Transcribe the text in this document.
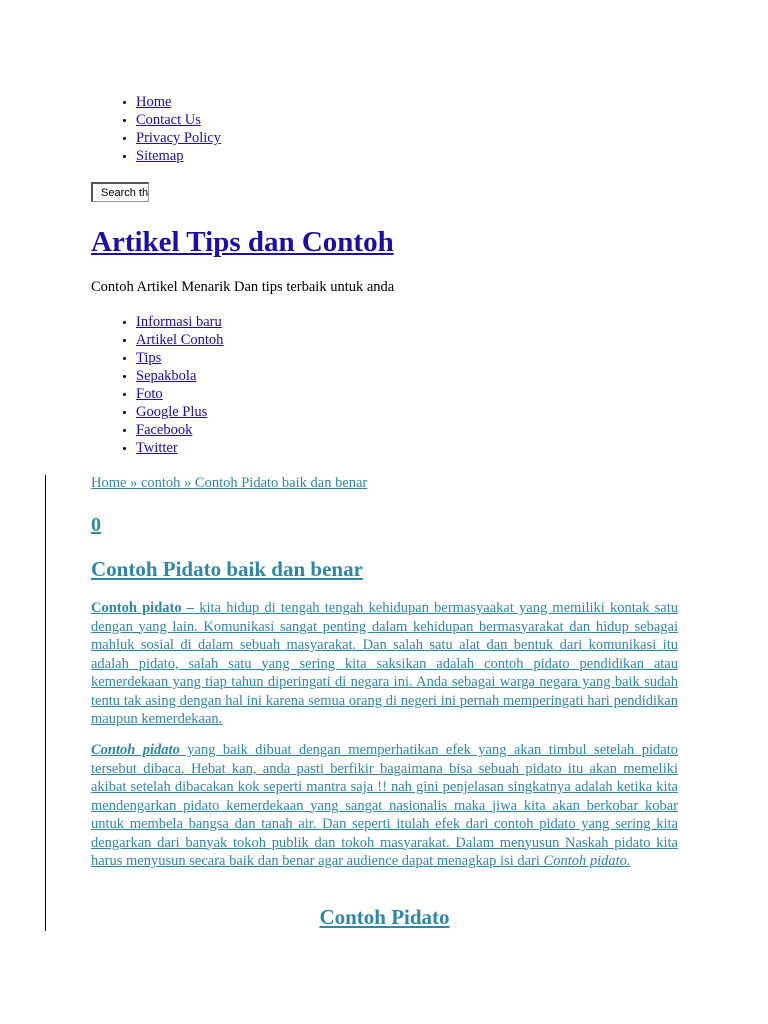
• Home
• Contact Us
• Privacy Policy
• Sitemap
Search this
Artikel Tips dan Contoh

Contoh Artikel Menarik Dan tips terbaik untuk anda

• Informasi baru
• Artikel Contoh
• Tips
• Sepakbola
• Foto
• Google Plus
• Facebook
• Twitter
Home » contoh » Contoh Pidato baik dan benar
0
Contoh Pidato baik dan benar

Contoh pidato – kita hidup di tengah tengah kehidupan bermasyaakat yang memiliki kontak satu dengan yang lain. Komunikasi sangat penting dalam kehidupan bermasyarakat dan hidup sebagai mahluk sosial di dalam sebuah masyarakat. Dan salah satu alat dan bentuk dari komunikasi itu adalah pidato, salah satu yang sering kita saksikan adalah contoh pidato pendidikan atau kemerdekaan yang tiap tahun diperingati di negara ini. Anda sebagai warga negara yang baik sudah tentu tak asing dengan hal ini karena semua orang di negeri ini pernah memperingati hari pendidikan maupun kemerdekaan.

Contoh pidato yang baik dibuat dengan memperhatikan efek yang akan timbul setelah pidato tersebut dibaca. Hebat kan, anda pasti berfikir bagaimana bisa sebuah pidato itu akan memeliki akibat setelah dibacakan kok seperti mantra saja !! nah gini penjelasan singkatnya adalah ketika kita mendengarkan pidato kemerdekaan yang sangat nasionalis maka jiwa kita akan berkobar kobar untuk membela bangsa dan tanah air. Dan seperti itulah efek dari contoh pidato yang sering kita dengarkan dari banyak tokoh publik dan tokoh masyarakat. Dalam menyusun Naskah pidato kita harus menyusun secara baik dan benar agar audience dapat menagkap isi dari Contoh pidato.

Contoh Pidato
